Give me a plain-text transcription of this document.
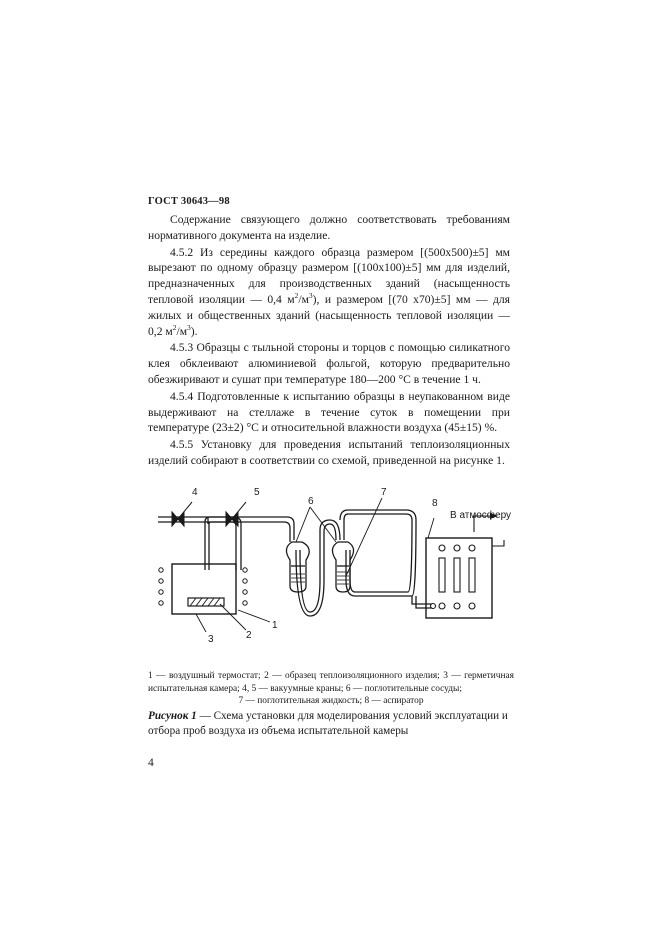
ГОСТ 30643—98

Содержание связующего должно соответствовать требованиям нормативного документа на изделие.

4.5.2 Из середины каждого образца размером [(500x500)±5] мм вырезают по одному образцу размером [(100x100)±5] мм для изделий, предназначенных для производственных зданий (насыщенность тепловой изоляции — 0,4 $м^2/м^3$), и размером [(70 x70)±5] мм — для жилых и общественных зданий (насыщенность тепловой изоляции — 0,2 $м^2/м^3$).

4.5.3 Образцы с тыльной стороны и торцов с помощью силикатного клея обклеивают алюминиевой фольгой, которую предварительно обезжиривают и сушат при температуре 180—200 °С в течение 1 ч.

4.5.4 Подготовленные к испытанию образцы в неупакованном виде выдерживают на стеллаже в течение суток в помещении при температуре (23±2) °С и относительной влажности воздуха (45±15) %.

4.5.5 Установку для проведения испытаний теплоизоляционных изделий собирают в соответствии со схемой, приведенной на рисунке 1.

4	5
6
7
8
1
2
3
В атмосферу

1 — воздушный термостат; 2 — образец теплоизоляционного изделия; 3 — герметичная испытательная камера; 4, 5 — вакуумные краны; 6 — поглотительные сосуды;

7 — поглотительная жидкость; 8 — аспиратор

Рисунок 1 — Схема установки для моделирования условий эксплуатации и отбора проб воздуха из объема испытательной камеры
4
